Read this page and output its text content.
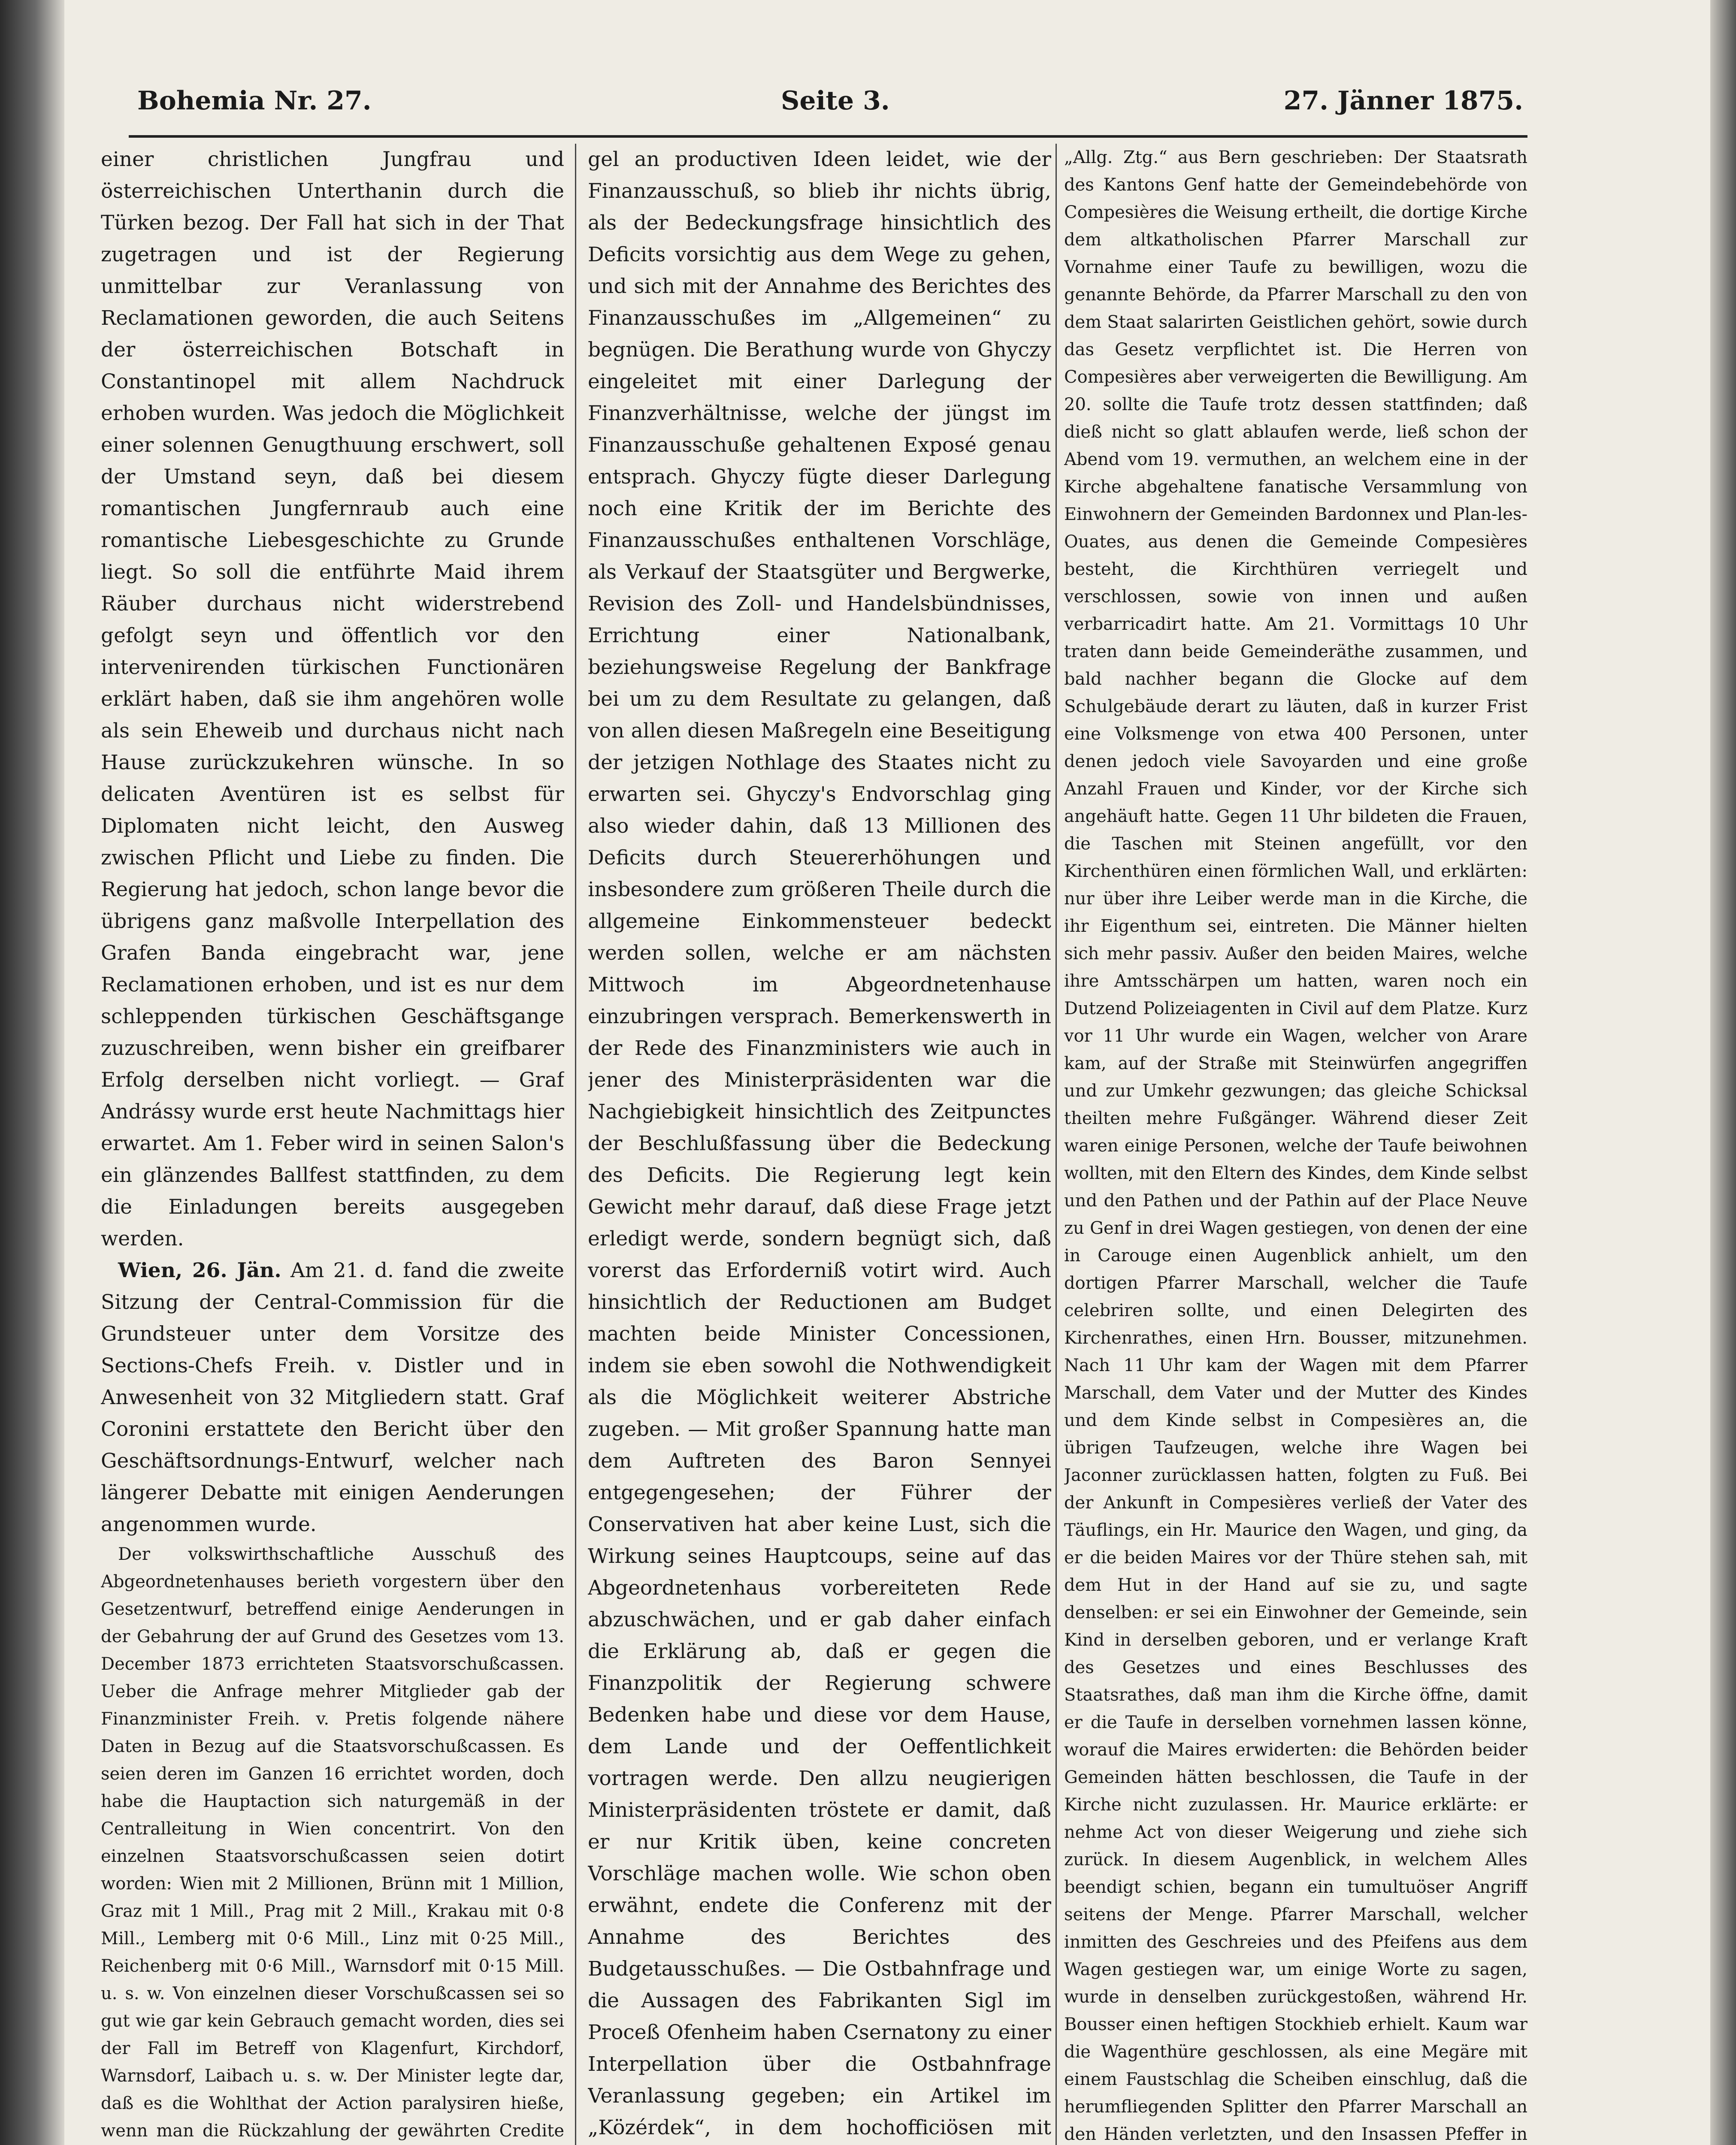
Bohemia Nr. 27.	Seite 3.	27. Jänner 1875.

einer christlichen Jungfrau und österreichischen Unterthanin durch die Türken bezog. Der Fall hat sich in der That zugetragen und ist der Regierung unmittelbar zur Veranlassung von Reclamationen geworden, die auch Seitens der österreichischen Botschaft in Constantinopel mit allem Nachdruck erhoben wurden. Was jedoch die Möglichkeit einer solennen Genugthuung erschwert, soll der Umstand seyn, daß bei diesem romantischen Jungfernraub auch eine romantische Liebesgeschichte zu Grunde liegt. So soll die entführte Maid ihrem Räuber durchaus nicht widerstrebend gefolgt seyn und öffentlich vor den intervenirenden türkischen Functionären erklärt haben, daß sie ihm angehören wolle als sein Eheweib und durchaus nicht nach Hause zurückzukehren wünsche. In so delicaten Aventüren ist es selbst für Diplomaten nicht leicht, den Ausweg zwischen Pflicht und Liebe zu finden. Die Regierung hat jedoch, schon lange bevor die übrigens ganz maßvolle Interpellation des Grafen Banda eingebracht war, jene Reclamationen erhoben, und ist es nur dem schleppenden türkischen Geschäftsgange zuzuschreiben, wenn bisher ein greifbarer Erfolg derselben nicht vorliegt. — Graf Andrássy wurde erst heute Nachmittags hier erwartet. Am 1. Feber wird in seinen Salon's ein glänzendes Ballfest stattfinden, zu dem die Einladungen bereits ausgegeben werden.

Wien, 26. Jän. Am 21. d. fand die zweite Sitzung der Central-Commission für die Grundsteuer unter dem Vorsitze des Sections-Chefs Freih. v. Distler und in Anwesenheit von 32 Mitgliedern statt. Graf Coronini erstattete den Bericht über den Geschäftsordnungs-Entwurf, welcher nach längerer Debatte mit einigen Aenderungen angenommen wurde.

Der volkswirthschaftliche Ausschuß des Abgeordnetenhauses berieth vorgestern über den Gesetzentwurf, betreffend einige Aenderungen in der Gebahrung der auf Grund des Gesetzes vom 13. December 1873 errichteten Staatsvorschußcassen. Ueber die Anfrage mehrer Mitglieder gab der Finanzminister Freih. v. Pretis folgende nähere Daten in Bezug auf die Staatsvorschußcassen. Es seien deren im Ganzen 16 errichtet worden, doch habe die Hauptaction sich naturgemäß in der Centralleitung in Wien concentrirt. Von den einzelnen Staatsvorschußcassen seien dotirt worden: Wien mit 2 Millionen, Brünn mit 1 Million, Graz mit 1 Mill., Prag mit 2 Mill., Krakau mit 0·8 Mill., Lemberg mit 0·6 Mill., Linz mit 0·25 Mill., Reichenberg mit 0·6 Mill., Warnsdorf mit 0·15 Mill. u. s. w. Von einzelnen dieser Vorschußcassen sei so gut wie gar kein Gebrauch gemacht worden, dies sei der Fall im Betreff von Klagenfurt, Kirchdorf, Warnsdorf, Laibach u. s. w. Der Minister legte dar, daß es die Wohlthat der Action paralysiren hieße, wenn man die Rückzahlung der gewährten Credite

gel an productiven Ideen leidet, wie der Finanzausschuß, so blieb ihr nichts übrig, als der Bedeckungsfrage hinsichtlich des Deficits vorsichtig aus dem Wege zu gehen, und sich mit der Annahme des Berichtes des Finanzausschußes im „Allgemeinen“ zu begnügen. Die Berathung wurde von Ghyczy eingeleitet mit einer Darlegung der Finanzverhältnisse, welche der jüngst im Finanzausschuße gehaltenen Exposé genau entsprach. Ghyczy fügte dieser Darlegung noch eine Kritik der im Berichte des Finanzausschußes enthaltenen Vorschläge, als Verkauf der Staatsgüter und Bergwerke, Revision des Zoll- und Handelsbündnisses, Errichtung einer Nationalbank, beziehungsweise Regelung der Bankfrage bei um zu dem Resultate zu gelangen, daß von allen diesen Maßregeln eine Beseitigung der jetzigen Nothlage des Staates nicht zu erwarten sei. Ghyczy's Endvorschlag ging also wieder dahin, daß 13 Millionen des Deficits durch Steuererhöhungen und insbesondere zum größeren Theile durch die allgemeine Einkommensteuer bedeckt werden sollen, welche er am nächsten Mittwoch im Abgeordnetenhause einzubringen versprach. Bemerkenswerth in der Rede des Finanzministers wie auch in jener des Ministerpräsidenten war die Nachgiebigkeit hinsichtlich des Zeitpunctes der Beschlußfassung über die Bedeckung des Deficits. Die Regierung legt kein Gewicht mehr darauf, daß diese Frage jetzt erledigt werde, sondern begnügt sich, daß vorerst das Erforderniß votirt wird. Auch hinsichtlich der Reductionen am Budget machten beide Minister Concessionen, indem sie eben sowohl die Nothwendigkeit als die Möglichkeit weiterer Abstriche zugeben. — Mit großer Spannung hatte man dem Auftreten des Baron Sennyei entgegengesehen; der Führer der Conservativen hat aber keine Lust, sich die Wirkung seines Hauptcoups, seine auf das Abgeordnetenhaus vorbereiteten Rede abzuschwächen, und er gab daher einfach die Erklärung ab, daß er gegen die Finanzpolitik der Regierung schwere Bedenken habe und diese vor dem Hause, dem Lande und der Oeffentlichkeit vortragen werde. Den allzu neugierigen Ministerpräsidenten tröstete er damit, daß er nur Kritik üben, keine concreten Vorschläge machen wolle. Wie schon oben erwähnt, endete die Conferenz mit der Annahme des Berichtes des Budgetausschußes. — Die Ostbahnfrage und die Aussagen des Fabrikanten Sigl im Proceß Ofenheim haben Csernatony zu einer Interpellation über die Ostbahnfrage Veranlassung gegeben; ein Artikel im „Közérdek“, in dem hochofficiösen mit

„Allg. Ztg.“ aus Bern geschrieben: Der Staatsrath des Kantons Genf hatte der Gemeindebehörde von Compesières die Weisung ertheilt, die dortige Kirche dem altkatholischen Pfarrer Marschall zur Vornahme einer Taufe zu bewilligen, wozu die genannte Behörde, da Pfarrer Marschall zu den von dem Staat salarirten Geistlichen gehört, sowie durch das Gesetz verpflichtet ist. Die Herren von Compesières aber verweigerten die Bewilligung. Am 20. sollte die Taufe trotz dessen stattfinden; daß dieß nicht so glatt ablaufen werde, ließ schon der Abend vom 19. vermuthen, an welchem eine in der Kirche abgehaltene fanatische Versammlung von Einwohnern der Gemeinden Bardonnex und Plan-les-Ouates, aus denen die Gemeinde Compesières besteht, die Kirchthüren verriegelt und verschlossen, sowie von innen und außen verbarricadirt hatte. Am 21. Vormittags 10 Uhr traten dann beide Gemeinderäthe zusammen, und bald nachher begann die Glocke auf dem Schulgebäude derart zu läuten, daß in kurzer Frist eine Volksmenge von etwa 400 Personen, unter denen jedoch viele Savoyarden und eine große Anzahl Frauen und Kinder, vor der Kirche sich angehäuft hatte. Gegen 11 Uhr bildeten die Frauen, die Taschen mit Steinen angefüllt, vor den Kirchenthüren einen förmlichen Wall, und erklärten: nur über ihre Leiber werde man in die Kirche, die ihr Eigenthum sei, eintreten. Die Männer hielten sich mehr passiv. Außer den beiden Maires, welche ihre Amtsschärpen um hatten, waren noch ein Dutzend Polizeiagenten in Civil auf dem Platze. Kurz vor 11 Uhr wurde ein Wagen, welcher von Arare kam, auf der Straße mit Steinwürfen angegriffen und zur Umkehr gezwungen; das gleiche Schicksal theilten mehre Fußgänger. Während dieser Zeit waren einige Personen, welche der Taufe beiwohnen wollten, mit den Eltern des Kindes, dem Kinde selbst und den Pathen und der Pathin auf der Place Neuve zu Genf in drei Wagen gestiegen, von denen der eine in Carouge einen Augenblick anhielt, um den dortigen Pfarrer Marschall, welcher die Taufe celebriren sollte, und einen Delegirten des Kirchenrathes, einen Hrn. Bousser, mitzunehmen. Nach 11 Uhr kam der Wagen mit dem Pfarrer Marschall, dem Vater und der Mutter des Kindes und dem Kinde selbst in Compesières an, die übrigen Taufzeugen, welche ihre Wagen bei Jaconner zurücklassen hatten, folgten zu Fuß. Bei der Ankunft in Compesières verließ der Vater des Täuflings, ein Hr. Maurice den Wagen, und ging, da er die beiden Maires vor der Thüre stehen sah, mit dem Hut in der Hand auf sie zu, und sagte denselben: er sei ein Einwohner der Gemeinde, sein Kind in derselben geboren, und er verlange Kraft des Gesetzes und eines Beschlusses des Staatsrathes, daß man ihm die Kirche öffne, damit er die Taufe in derselben vornehmen lassen könne, worauf die Maires erwiderten: die Behörden beider Gemeinden hätten beschlossen, die Taufe in der Kirche nicht zuzulassen. Hr. Maurice erklärte: er nehme Act von dieser Weigerung und ziehe sich zurück. In diesem Augenblick, in welchem Alles beendigt schien, begann ein tumultuöser Angriff seitens der Menge. Pfarrer Marschall, welcher inmitten des Geschreies und des Pfeifens aus dem Wagen gestiegen war, um einige Worte zu sagen, wurde in denselben zurückgestoßen, während Hr. Bousser einen heftigen Stockhieb erhielt. Kaum war die Wagenthüre geschlossen, als eine Megäre mit einem Faustschlag die Scheiben einschlug, daß die herumfliegenden Splitter den Pfarrer Marschall an den Händen verletzten, und den Insassen Pfeffer in
